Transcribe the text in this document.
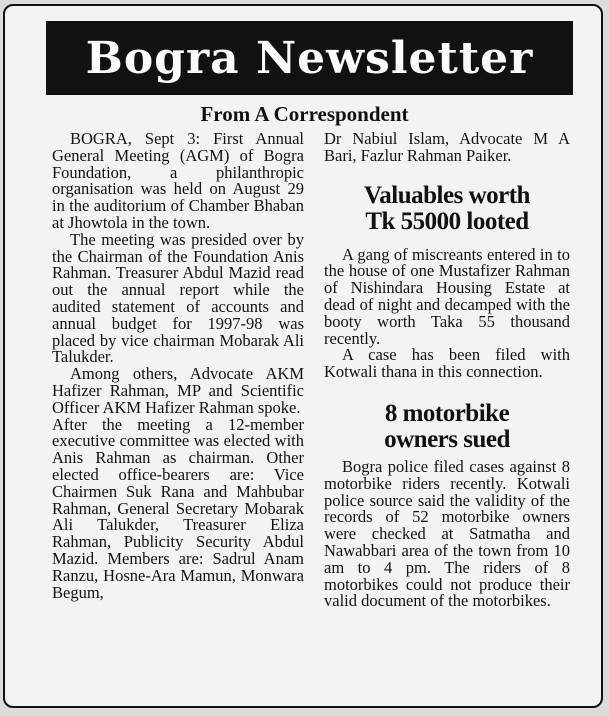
Bogra Newsletter
From A Correspondent

BOGRA, Sept 3: First Annual General Meeting (AGM) of Bogra Foundation, a philanthropic organisation was held on August 29 in the auditorium of Chamber Bhaban at Jhowtola in the town.

The meeting was presided over by the Chairman of the Foundation Anis Rahman. Treasurer Abdul Mazid read out the annual report while the audited statement of accounts and annual budget for 1997-98 was placed by vice chairman Mobarak Ali Talukder.

Among others, Advocate AKM Hafizer Rahman, MP and Scientific Officer AKM Hafizer Rahman spoke.

After the meeting a 12-member executive committee was elected with Anis Rahman as chairman. Other elected office-bearers are: Vice Chairmen Suk Rana and Mahbubar Rahman, General Secretary Mobarak Ali Talukder, Treasurer Eliza Rahman, Publicity Security Abdul Mazid. Members are: Sadrul Anam Ranzu, Hosne-Ara Mamun, Monwara Begum,

Dr Nabiul Islam, Advocate M A Bari, Fazlur Rahman Paiker.

Valuables worth
Tk 55000 looted

A gang of miscreants entered in to the house of one Mustafizer Rahman of Nishindara Housing Estate at dead of night and decamped with the booty worth Taka 55 thousand recently.

A case has been filed with Kotwali thana in this connection.

8 motorbike
owners sued

Bogra police filed cases against 8 motorbike riders recently. Kotwali police source said the validity of the records of 52 motorbike owners were checked at Satmatha and Nawabbari area of the town from 10 am to 4 pm. The riders of 8 motorbikes could not produce their valid document of the motorbikes.
